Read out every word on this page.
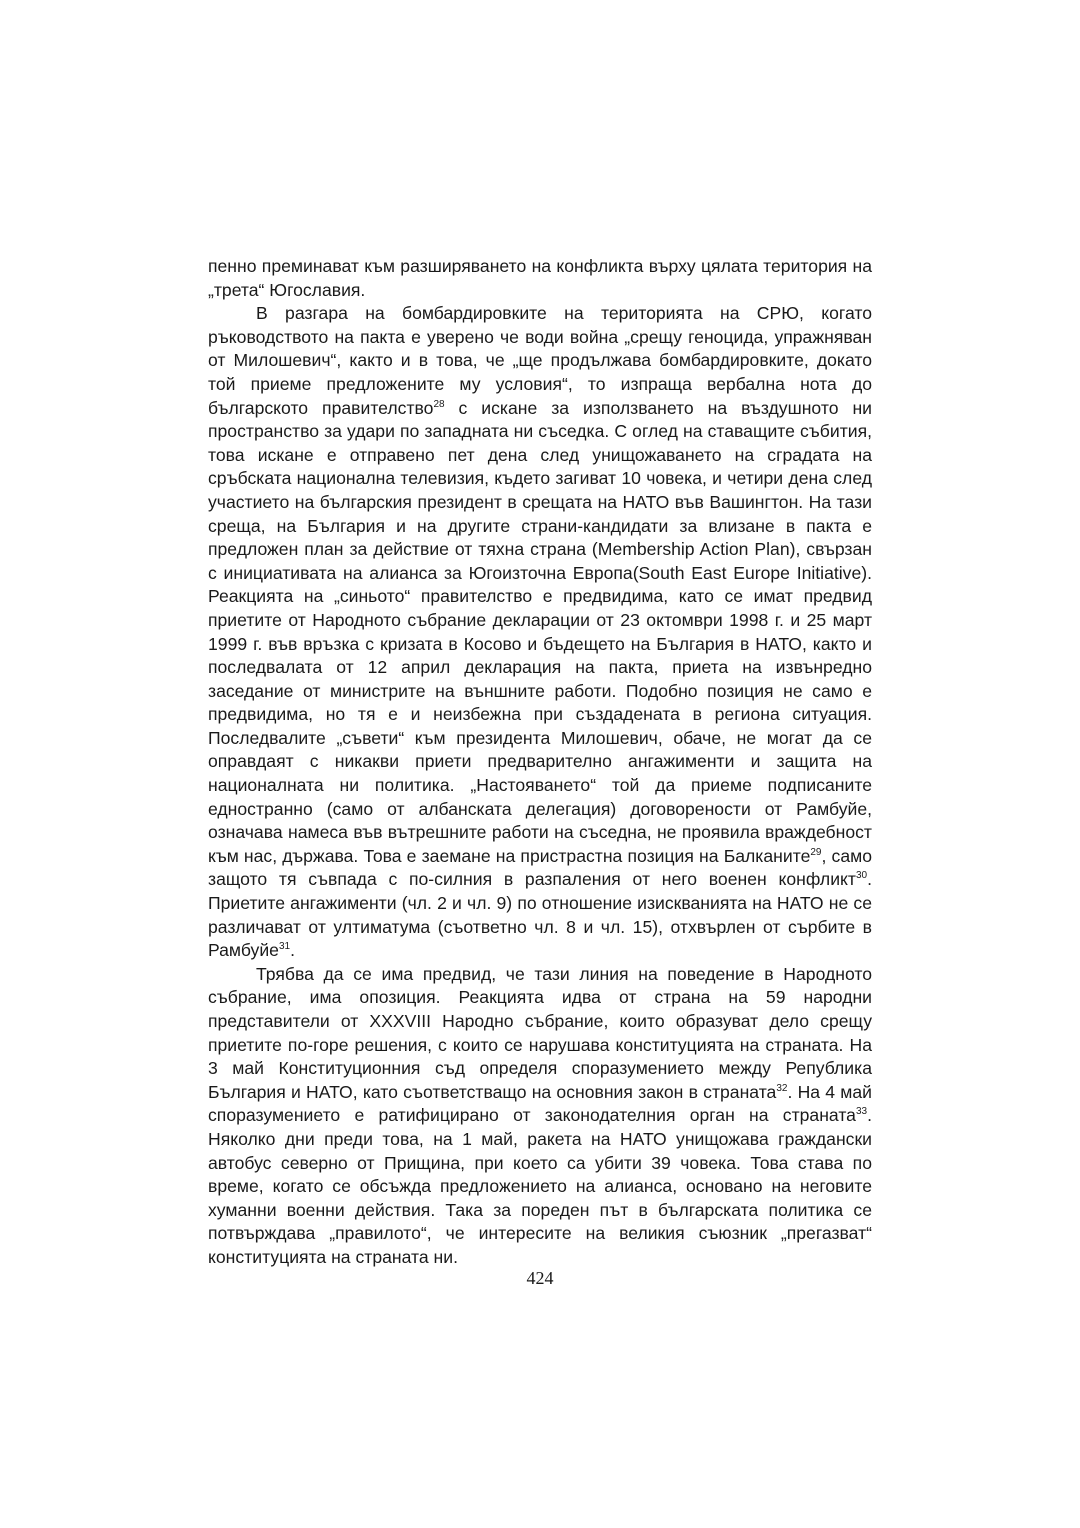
пенно преминават към разширяването на конфликта върху цялата територия на „трета“ Югославия.

В разгара на бомбардировките на територията на СРЮ, когато ръководството на пакта е уверено че води война „срещу геноцида, упражняван от Милошевич“, както и в това, че „ще продължава бомбардировките, докато той приеме предложените му условия“, то изпраща вербална нота до българското правителство$^{28}$ с искане за използването на въздушното ни пространство за удари по западната ни съседка. С оглед на ставащите събития, това искане е отправено пет дена след унищожаването на сградата на сръбската национална телевизия, където загиват 10 човека, и четири дена след участието на българския президент в срещата на НАТО във Вашингтон. На тази среща, на България и на другите страни-кандидати за влизане в пакта е предложен план за действие от тяхна страна (Membership Action Plan), свързан с инициативата на алианса за Югоизточна Европа(South East Europe Initiative). Реакцията на „синьото“ правителство е предвидима, като се имат предвид приетите от Народното събрание декларации от 23 октомври 1998 г. и 25 март 1999 г. във връзка с кризата в Косово и бъдещето на България в НАТО, както и последвалата от 12 април декларация на пакта, приета на извънредно заседание от министрите на външните работи. Подобно позиция не само е предвидима, но тя е и неизбежна при създадената в региона ситуация. Последвалите „съвети“ към президента Милошевич, обаче, не могат да се оправдаят с никакви приети предварително ангажименти и защита на националната ни политика. „Настояването“ той да приеме подписаните едностранно (само от албанската делегация) договорености от Рамбуйе, означава намеса във вътрешните работи на съседна, не проявила враждебност към нас, държава. Това е заемане на пристрастна позиция на Балканите$^{29}$, само защото тя съвпада с по-силния в разпаления от него военен конфликт$^{30}$. Приетите ангажименти (чл. 2 и чл. 9) по отношение изискванията на НАТО не се различават от ултиматума (съответно чл. 8 и чл. 15), отхвърлен от сърбите в Рамбуйе$^{31}$.

Трябва да се има предвид, че тази линия на поведение в Народното събрание, има опозиция. Реакцията идва от страна на 59 народни представители от XXXVIII Народно събрание, които образуват дело срещу приетите по-горе решения, с които се нарушава конституцията на страната. На 3 май Конституционния съд определя споразумението между Република България и НАТО, като съответстващо на основния закон в страната$^{32}$. На 4 май споразумението е ратифицирано от законодателния орган на страната$^{33}$. Няколко дни преди това, на 1 май, ракета на НАТО унищожава граждански автобус северно от Прищина, при което са убити 39 човека. Това става по време, когато се обсъжда предложението на алианса, основано на неговите хуманни военни действия. Така за пореден път в българската политика се потвърждава „правилото“, че интересите на великия съюзник „прегазват“ конституцията на страната ни.

424
